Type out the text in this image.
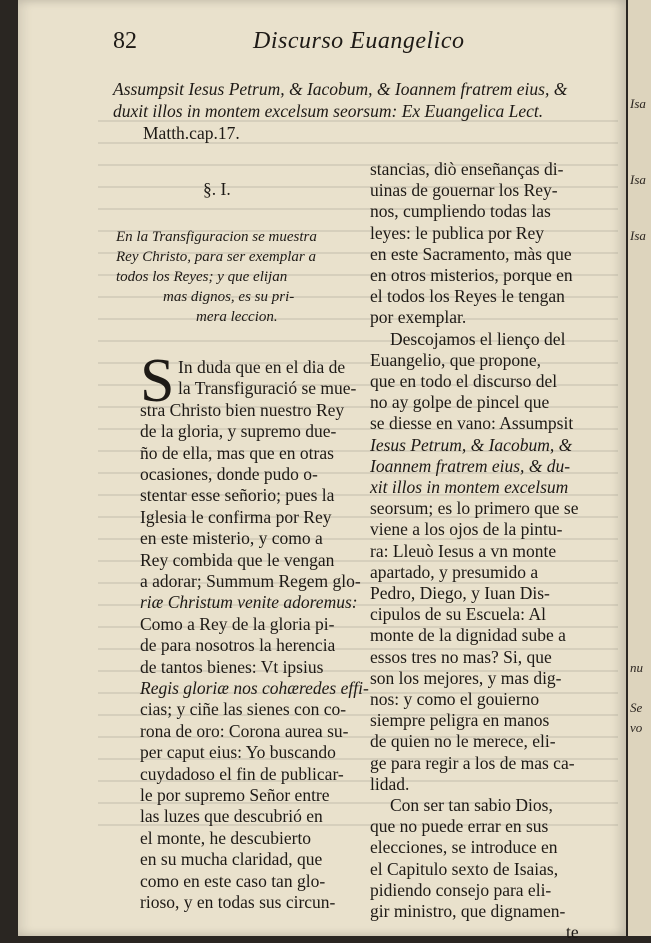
82	Discurso Euangelico
Assumpsit Iesus Petrum, & Iacobum, & Ioannem fratrem eius, &
duxit illos in montem excelsum seorsum: Ex Euangelica Lect.
Matth.cap.17.
§. I.
En la Transfiguracion se muestra
Rey Christo, para ser exemplar a
todos los Reyes; y que elijan
mas dignos, es su pri-
mera leccion.
S In duda que en el dia de
la Transfiguració se mue-
stra Christo bien nuestro Rey
de la gloria, y supremo due-
ño de ella, mas que en otras
ocasiones, donde pudo o-
stentar esse señorio; pues la
Iglesia le confirma por Rey
en este misterio, y como a
Rey combida que le vengan
a adorar; Summum Regem glo-
riæ Christum venite adoremus:
Como a Rey de la gloria pi-
de para nosotros la herencia
de tantos bienes: Vt ipsius
Regis gloriæ nos cohæredes effi-
cias; y ciñe las sienes con co-
rona de oro: Corona aurea su-
per caput eius: Yo buscando
cuydadoso el fin de publicar-
le por supremo Señor entre
las luzes que descubrió en
el monte, he descubierto
en su mucha claridad, que
como en este caso tan glo-
rioso, y en todas sus circun-
stancias, diò enseñanças di-
uinas de gouernar los Rey-
nos, cumpliendo todas las
leyes: le publica por Rey
en este Sacramento, màs que
en otros misterios, porque en
el todos los Reyes le tengan
por exemplar.
Descojamos el lienço del
Euangelio, que propone,
que en todo el discurso del
no ay golpe de pincel que
se diesse en vano: Assumpsit
Iesus Petrum, & Iacobum, &
Ioannem fratrem eius, & du-
xit illos in montem excelsum
seorsum; es lo primero que se
viene a los ojos de la pintu-
ra: Lleuò Iesus a vn monte
apartado, y presumido a
Pedro, Diego, y Iuan Dis-
cipulos de su Escuela: Al
monte de la dignidad sube a
essos tres no mas? Si, que
son los mejores, y mas dig-
nos: y como el gouierno
siempre peligra en manos
de quien no le merece, eli-
ge para regir a los de mas ca-
lidad.
Con ser tan sabio Dios,
que no puede errar en sus
elecciones, se introduce en
el Capitulo sexto de Isaias,
pidiendo consejo para eli-
gir ministro, que dignamen-
te
Isa
Isa
Isa
nu
Se
vo
